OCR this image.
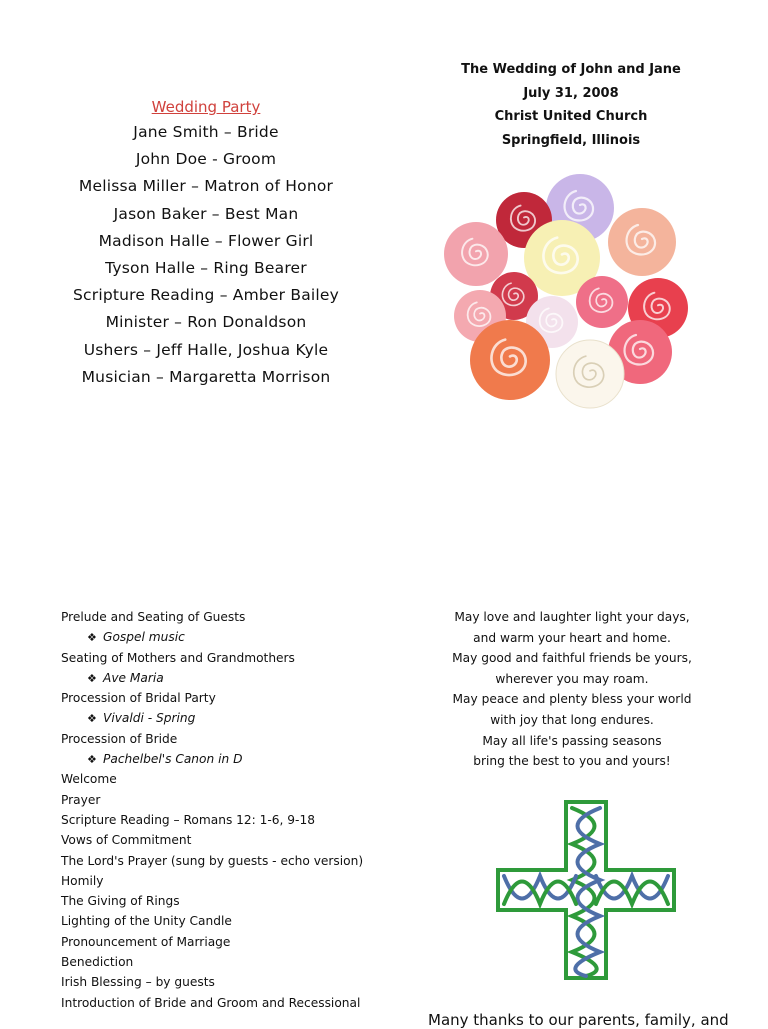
The Wedding of John and Jane
July 31, 2008
Christ United Church
Springfield, Illinois
Wedding Party
Jane Smith – Bride
John Doe - Groom
Melissa Miller – Matron of Honor
Jason Baker – Best Man
Madison Halle – Flower Girl
Tyson Halle – Ring Bearer
Scripture Reading – Amber Bailey
Minister – Ron Donaldson
Ushers – Jeff Halle, Joshua Kyle
Musician – Margaretta Morrison
Prelude and Seating of Guests
❖ Gospel music
Seating of Mothers and Grandmothers
❖ Ave Maria
Procession of Bridal Party
❖ Vivaldi - Spring
Procession of Bride
❖ Pachelbel's Canon in D
Welcome
Prayer
Scripture Reading – Romans 12: 1-6, 9-18
Vows of Commitment
The Lord's Prayer (sung by guests - echo version)
Homily
The Giving of Rings
Lighting of the Unity Candle
Pronouncement of Marriage
Benediction
Irish Blessing – by guests
Introduction of Bride and Groom and Recessional
May love and laughter light your days,
and warm your heart and home.
May good and faithful friends be yours,
wherever you may roam.
May peace and plenty bless your world
with joy that long endures.
May all life's passing seasons
bring the best to you and yours!
Many thanks to our parents, family, and
